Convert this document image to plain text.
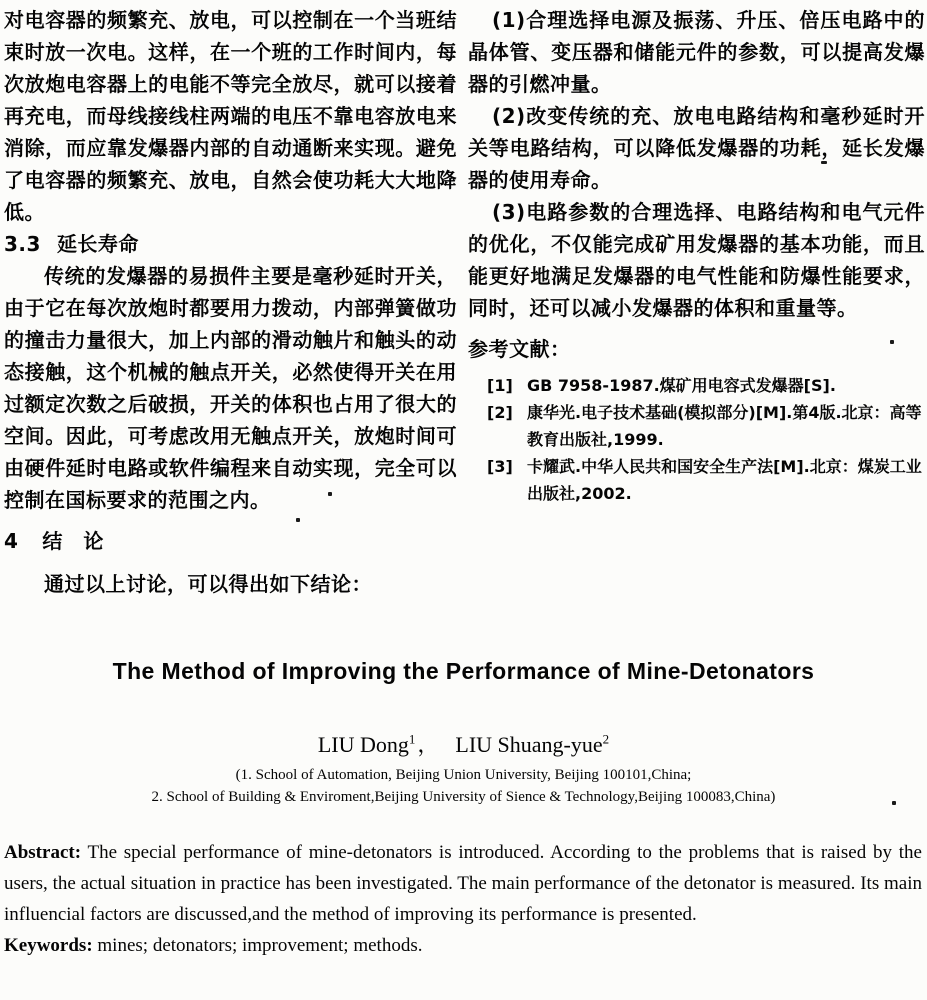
对电容器的频繁充、放电，可以控制在一个当班结束时放一次电。这样，在一个班的工作时间内，每次放炮电容器上的电能不等完全放尽，就可以接着再充电，而母线接线柱两端的电压不靠电容放电来消除，而应靠发爆器内部的自动通断来实现。避免了电容器的频繁充、放电，自然会使功耗大大地降低。

3.3 延长寿命

传统的发爆器的易损件主要是毫秒延时开关，由于它在每次放炮时都要用力拨动，内部弹簧做功的撞击力量很大，加上内部的滑动触片和触头的动态接触，这个机械的触点开关，必然使得开关在用过额定次数之后破损，开关的体积也占用了很大的空间。因此，可考虑改用无触点开关，放炮时间可由硬件延时电路或软件编程来自动实现，完全可以控制在国标要求的范围之内。

4 结　论

通过以上讨论，可以得出如下结论：

(1)合理选择电源及振荡、升压、倍压电路中的晶体管、变压器和储能元件的参数，可以提高发爆器的引燃冲量。

(2)改变传统的充、放电电路结构和毫秒延时开关等电路结构，可以降低发爆器的功耗，延长发爆器的使用寿命。

(3)电路参数的合理选择、电路结构和电气元件的优化，不仅能完成矿用发爆器的基本功能，而且能更好地满足发爆器的电气性能和防爆性能要求，同时，还可以减小发爆器的体积和重量等。

参考文献：
[1] GB 7958-1987.煤矿用电容式发爆器[S].
[2] 康华光.电子技术基础(模拟部分)[M].第4版.北京：高等教育出版社,1999.
[3] 卡耀武.中华人民共和国安全生产法[M].北京：煤炭工业出版社,2002.
The Method of Improving the Performance of Mine-Detonators

LIU Dong$^1$， LIU Shuang-yue$^2$

(1. School of Automation, Beijing Union University, Beijing 100101,China;

2. School of Building & Enviroment,Beijing University of Sience & Technology,Beijing 100083,China)

Abstract: The special performance of mine-detonators is introduced. According to the problems that is raised by the users, the actual situation in practice has been investigated. The main performance of the detonator is measured. Its main influencial factors are discussed,and the method of improving its performance is presented.

Keywords: mines; detonators; improvement; methods.
